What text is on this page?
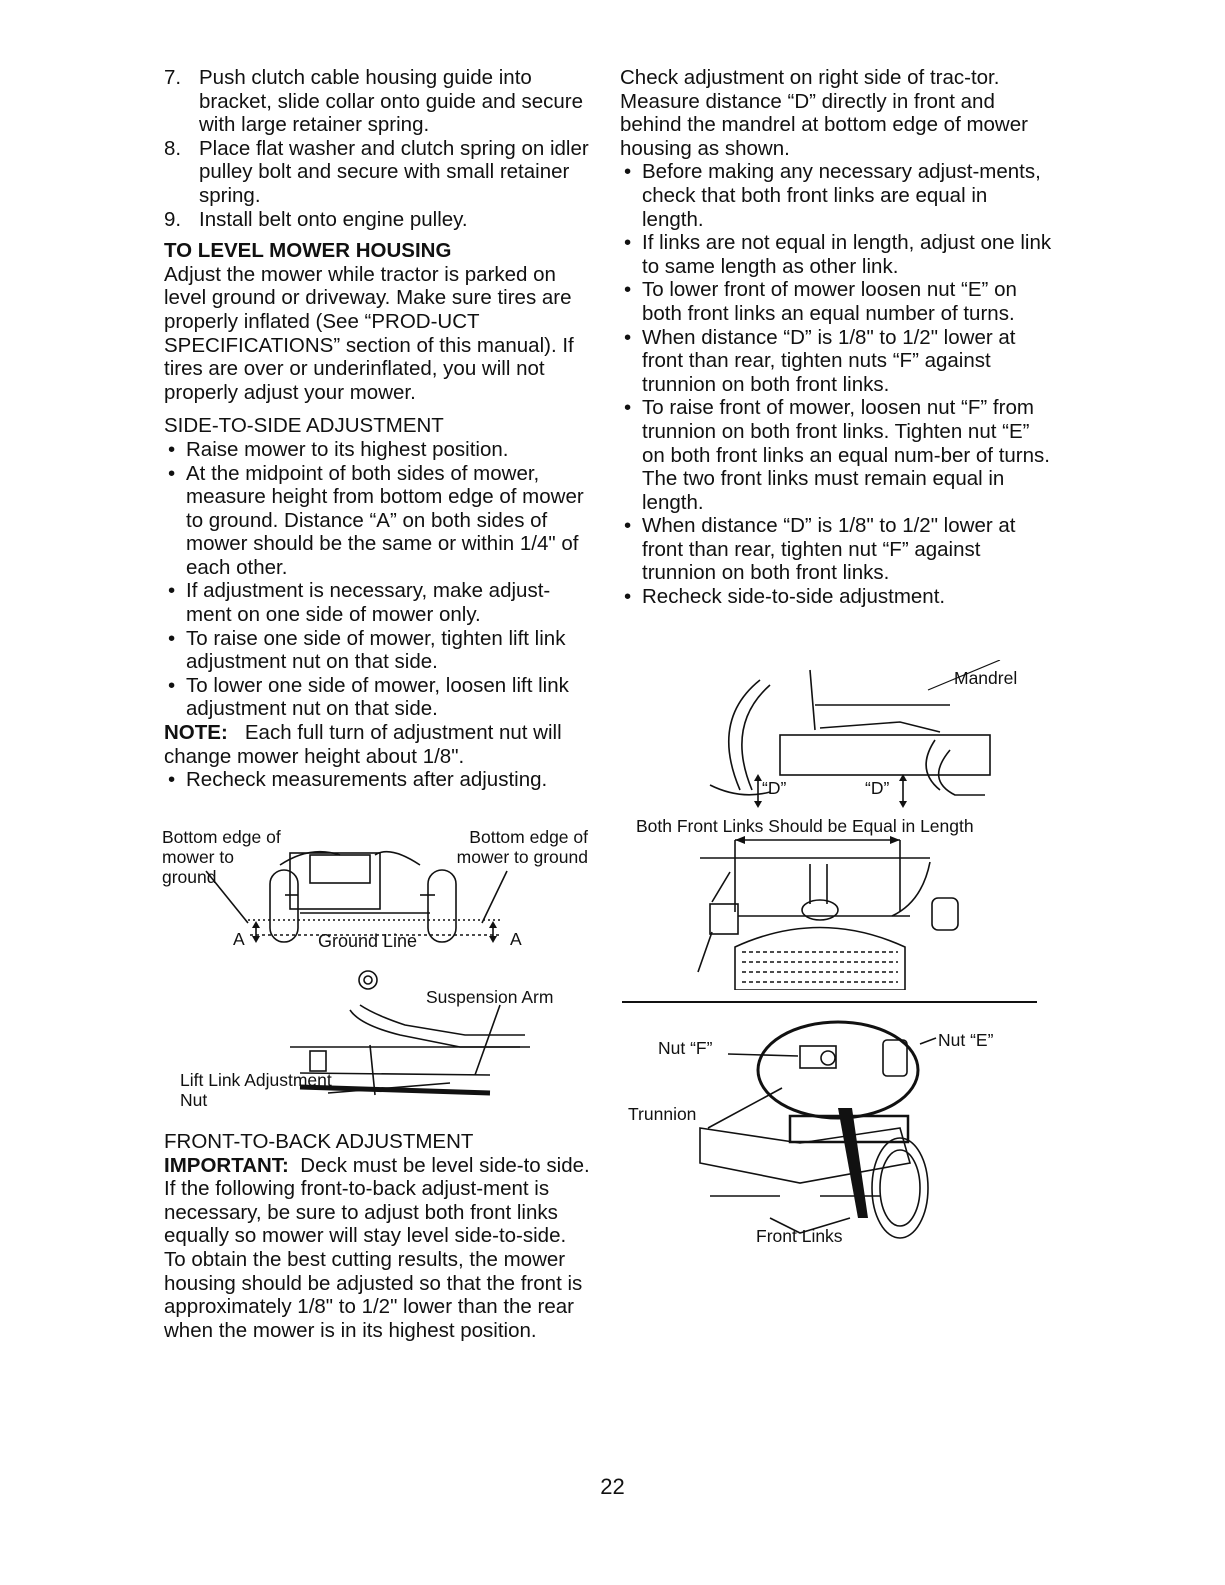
7. Push clutch cable housing guide into bracket, slide collar onto guide and secure with large retainer spring.
8. Place flat washer and clutch spring on idler pulley bolt and secure with small retainer spring.
9. Install belt onto engine pulley.
TO LEVEL MOWER HOUSING

Adjust the mower while tractor is parked on level ground or driveway. Make sure tires are properly inflated (See “PROD-UCT SPECIFICATIONS” section of this manual). If tires are over or underinflated, you will not properly adjust your mower.

SIDE-TO-SIDE ADJUSTMENT
• Raise mower to its highest position.
• At the midpoint of both sides of mower, measure height from bottom edge of mower to ground. Distance “A” on both sides of mower should be the same or within 1/4" of each other.
• If adjustment is necessary, make adjust-ment on one side of mower only.
• To raise one side of mower, tighten lift link adjustment nut on that side.
• To lower one side of mower, loosen lift link adjustment nut on that side.

NOTE: Each full turn of adjustment nut will change mower height about 1/8".

• Recheck measurements after adjusting.
Bottom edge of mower to ground
Bottom edge of mower to ground
A	A
Ground Line
Suspension Arm
Lift Link Adjustment Nut
FRONT-TO-BACK ADJUSTMENT

IMPORTANT: Deck must be level side-to side. If the following front-to-back adjust-ment is necessary, be sure to adjust both front links equally so mower will stay level side-to-side.

To obtain the best cutting results, the mower housing should be adjusted so that the front is approximately 1/8" to 1/2" lower than the rear when the mower is in its highest position.

Check adjustment on right side of trac-tor. Measure distance “D” directly in front and behind the mandrel at bottom edge of mower housing as shown.

• Before making any necessary adjust-ments, check that both front links are equal in length.
• If links are not equal in length, adjust one link to same length as other link.
• To lower front of mower loosen nut “E” on both front links an equal number of turns.
• When distance “D” is 1/8" to 1/2" lower at front than rear, tighten nuts “F” against trunnion on both front links.
• To raise front of mower, loosen nut “F” from trunnion on both front links. Tighten nut “E” on both front links an equal num-ber of turns. The two front links must remain equal in length.
• When distance “D” is 1/8" to 1/2" lower at front than rear, tighten nut “F” against trunnion on both front links.
• Recheck side-to-side adjustment.
Mandrel
“D”	“D”
Both Front Links Should be Equal in Length
Nut “F”	Nut “E”
Trunnion
Front Links
22
